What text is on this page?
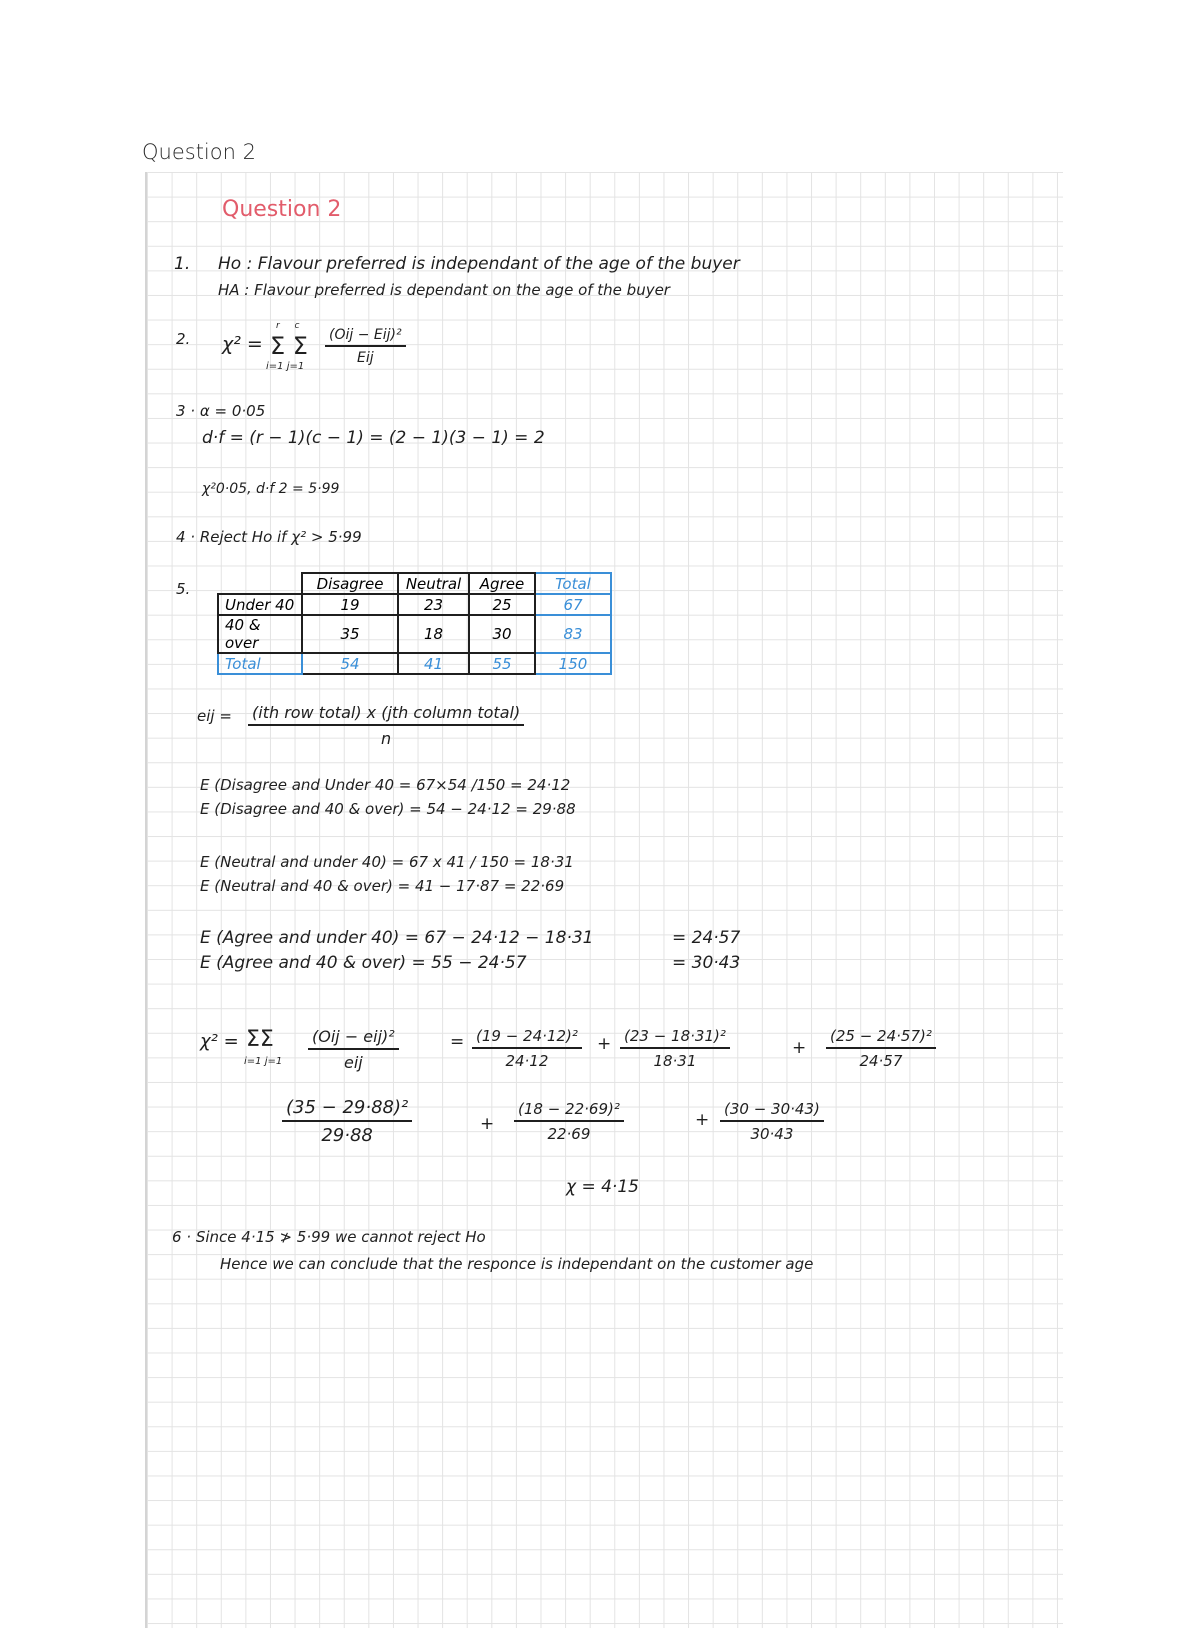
Question 2
Question 2
1. Ho : Flavour preferred is independant of the age of the buyer
HA : Flavour preferred is dependant on the age of the buyer
2. χ² =
r c
Σ Σ
i=1 j=1
(Oij − Eij)²
Eij
3 · α = 0·05
d·f = (r − 1)(c − 1) = (2 − 1)(3 − 1) = 2
χ²0·05, d·f 2 = 5·99
4 · Reject Ho if χ² > 5·99
5.
		Disagree	Neutral	Agree	Total
Under 40	19	23	25	67
40 & over	35	18	30	83
Total	54	41	55	150
eij = (ith row total) x (jth column total)
n
E (Disagree and Under 40 = 67×54 /150 = 24·12
E (Disagree and 40 & over) = 54 − 24·12 = 29·88
E (Neutral and under 40) = 67 x 41 / 150 = 18·31
E (Neutral and 40 & over) = 41 − 17·87 = 22·69
E (Agree and under 40) = 67 − 24·12 − 18·31
E (Agree and 40 & over) = 55 − 24·57
= 24·57
= 30·43
χ² = ΣΣ
i=1 j=1
(Oij − eij)²
eij
= $\frac{\text{(19 − 24·12)²}}{24\cdot 12} + \frac{\text{(23 − 18·31)²}}{18\cdot 31}$	+ $\frac{\text{(25 − 24·57)²}}{24\cdot 57}$
$\frac{\text{(35 − 29·88)²}}{29\cdot 88}$	+ $\frac{\text{(18 − 22·69)²}}{22\cdot 69}$	+ $\frac{(30 - 30\cdot 43)}{30\cdot 43}$
χ = 4·15
6 · Since 4·15 ≯ 5·99 we cannot reject Ho
Hence we can conclude that the responce is independant on the customer age
